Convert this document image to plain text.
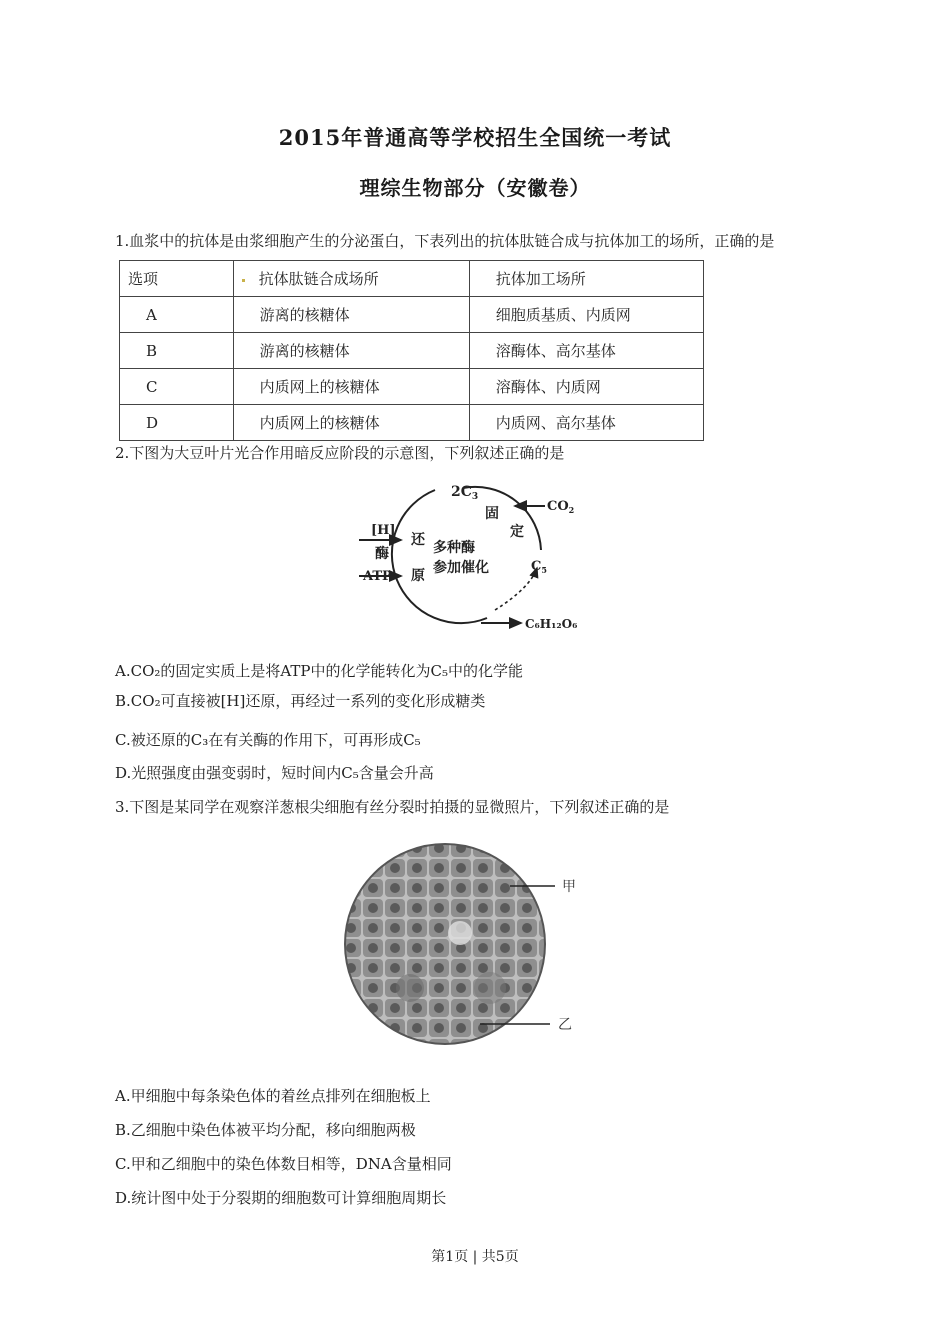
2015年普通高等学校招生全国统一考试
理综生物部分（安徽卷）
1.血浆中的抗体是由浆细胞产生的分泌蛋白，下表列出的抗体肽链合成与抗体加工的场所，正确的是
选项	抗体肽链合成场所	抗体加工场所
A	游离的核糖体	细胞质基质、内质网
B	游离的核糖体	溶酶体、高尔基体
C	内质网上的核糖体	溶酶体、内质网
D	内质网上的核糖体	内质网、高尔基体
2.下图为大豆叶片光合作用暗反应阶段的示意图，下列叙述正确的是
$2C_3$
$CO_2$
固
定
[H]
酶
ATP
还
原
多种酶
参加催化	$C_5$
C₆H₁₂O₆
A.CO₂的固定实质上是将ATP中的化学能转化为C₅中的化学能
B.CO₂可直接被[H]还原，再经过一系列的变化形成糖类
C.被还原的C₃在有关酶的作用下，可再形成C₅
D.光照强度由强变弱时，短时间内C₅含量会升高
3.下图是某同学在观察洋葱根尖细胞有丝分裂时拍摄的显微照片，下列叙述正确的是
甲
乙
A.甲细胞中每条染色体的着丝点排列在细胞板上
B.乙细胞中染色体被平均分配，移向细胞两极
C.甲和乙细胞中的染色体数目相等，DNA含量相同
D.统计图中处于分裂期的细胞数可计算细胞周期长
第1页 | 共5页
